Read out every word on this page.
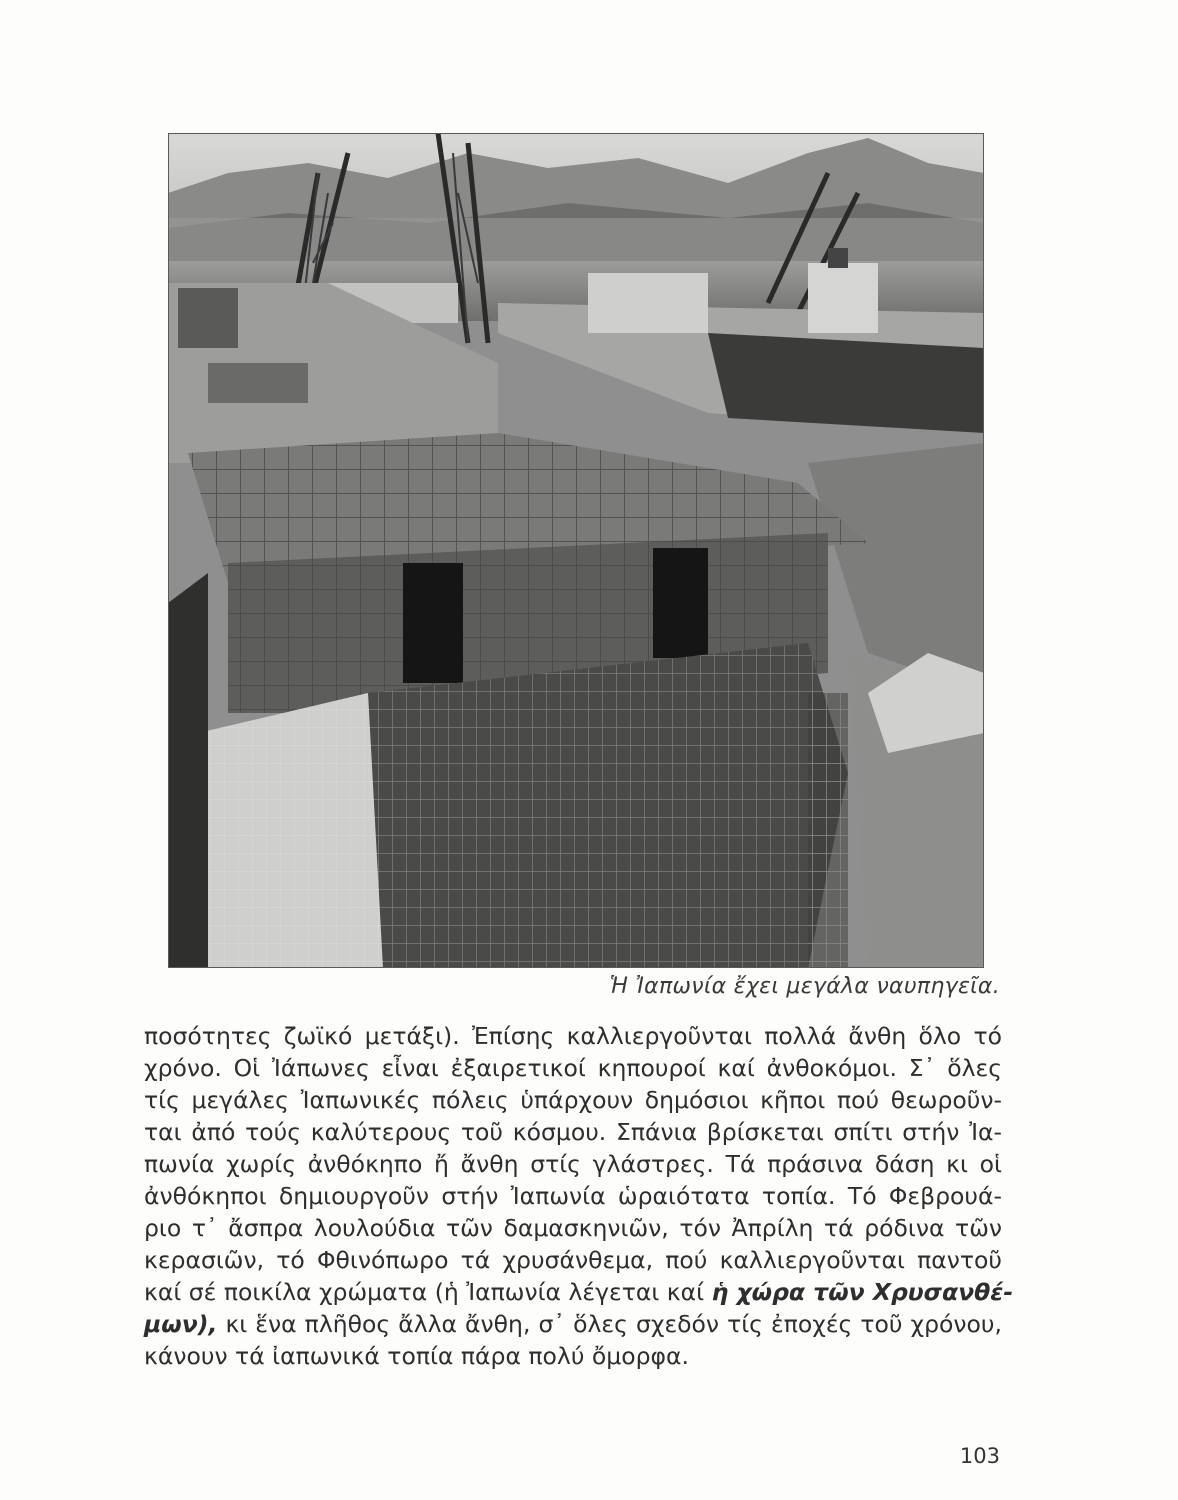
Ἡ Ἰαπωνία ἔχει μεγάλα ναυπηγεῖα.
ποσότητες ζωϊκό μετάξι). Ἐπίσης καλλιεργοῦνται πολλά ἄνθη ὅλο τό
χρόνο. Οἱ Ἰάπωνες εἶναι ἐξαιρετικοί κηπουροί καί ἀνθοκόμοι. Σ᾿ ὅλες
τίς μεγάλες Ἰαπωνικές πόλεις ὑπάρχουν δημόσιοι κῆποι πού θεωροῦν-
ται ἀπό τούς καλύτερους τοῦ κόσμου. Σπάνια βρίσκεται σπίτι στήν Ἰα-
πωνία χωρίς ἀνθόκηπο ἤ ἄνθη στίς γλάστρες. Τά πράσινα δάση κι οἱ
ἀνθόκηποι δημιουργοῦν στήν Ἰαπωνία ὡραιότατα τοπία. Τό Φεβρουά-
ριο τ᾿ ἄσπρα λουλούδια τῶν δαμασκηνιῶν, τόν Ἀπρίλη τά ρόδινα τῶν
κερασιῶν, τό Φθινόπωρο τά χρυσάνθεμα, πού καλλιεργοῦνται παντοῦ
καί σέ ποικίλα χρώματα (ἡ Ἰαπωνία λέγεται καί ἡ χώρα τῶν Χρυσανθέ-
μων), κι ἕνα πλῆθος ἄλλα ἄνθη, σ᾿ ὅλες σχεδόν τίς ἐποχές τοῦ χρόνου,
κάνουν τά ἰαπωνικά τοπία πάρα πολύ ὄμορφα.
103
